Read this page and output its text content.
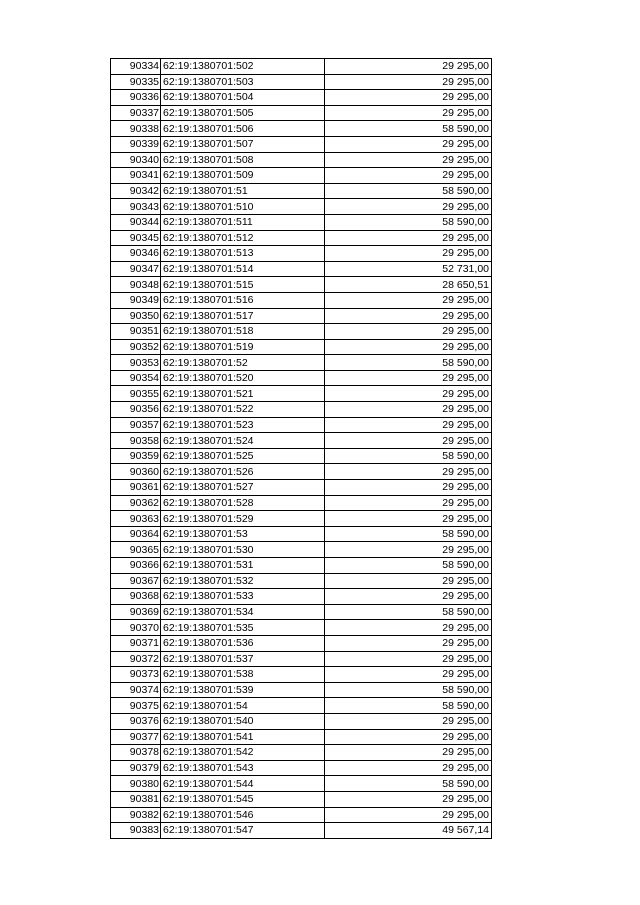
90334	62:19:1380701:502	29 295,00
90335	62:19:1380701:503	29 295,00
90336	62:19:1380701:504	29 295,00
90337	62:19:1380701:505	29 295,00
90338	62:19:1380701:506	58 590,00
90339	62:19:1380701:507	29 295,00
90340	62:19:1380701:508	29 295,00
90341	62:19:1380701:509	29 295,00
90342	62:19:1380701:51	58 590,00
90343	62:19:1380701:510	29 295,00
90344	62:19:1380701:511	58 590,00
90345	62:19:1380701:512	29 295,00
90346	62:19:1380701:513	29 295,00
90347	62:19:1380701:514	52 731,00
90348	62:19:1380701:515	28 650,51
90349	62:19:1380701:516	29 295,00
90350	62:19:1380701:517	29 295,00
90351	62:19:1380701:518	29 295,00
90352	62:19:1380701:519	29 295,00
90353	62:19:1380701:52	58 590,00
90354	62:19:1380701:520	29 295,00
90355	62:19:1380701:521	29 295,00
90356	62:19:1380701:522	29 295,00
90357	62:19:1380701:523	29 295,00
90358	62:19:1380701:524	29 295,00
90359	62:19:1380701:525	58 590,00
90360	62:19:1380701:526	29 295,00
90361	62:19:1380701:527	29 295,00
90362	62:19:1380701:528	29 295,00
90363	62:19:1380701:529	29 295,00
90364	62:19:1380701:53	58 590,00
90365	62:19:1380701:530	29 295,00
90366	62:19:1380701:531	58 590,00
90367	62:19:1380701:532	29 295,00
90368	62:19:1380701:533	29 295,00
90369	62:19:1380701:534	58 590,00
90370	62:19:1380701:535	29 295,00
90371	62:19:1380701:536	29 295,00
90372	62:19:1380701:537	29 295,00
90373	62:19:1380701:538	29 295,00
90374	62:19:1380701:539	58 590,00
90375	62:19:1380701:54	58 590,00
90376	62:19:1380701:540	29 295,00
90377	62:19:1380701:541	29 295,00
90378	62:19:1380701:542	29 295,00
90379	62:19:1380701:543	29 295,00
90380	62:19:1380701:544	58 590,00
90381	62:19:1380701:545	29 295,00
90382	62:19:1380701:546	29 295,00
90383	62:19:1380701:547	49 567,14
